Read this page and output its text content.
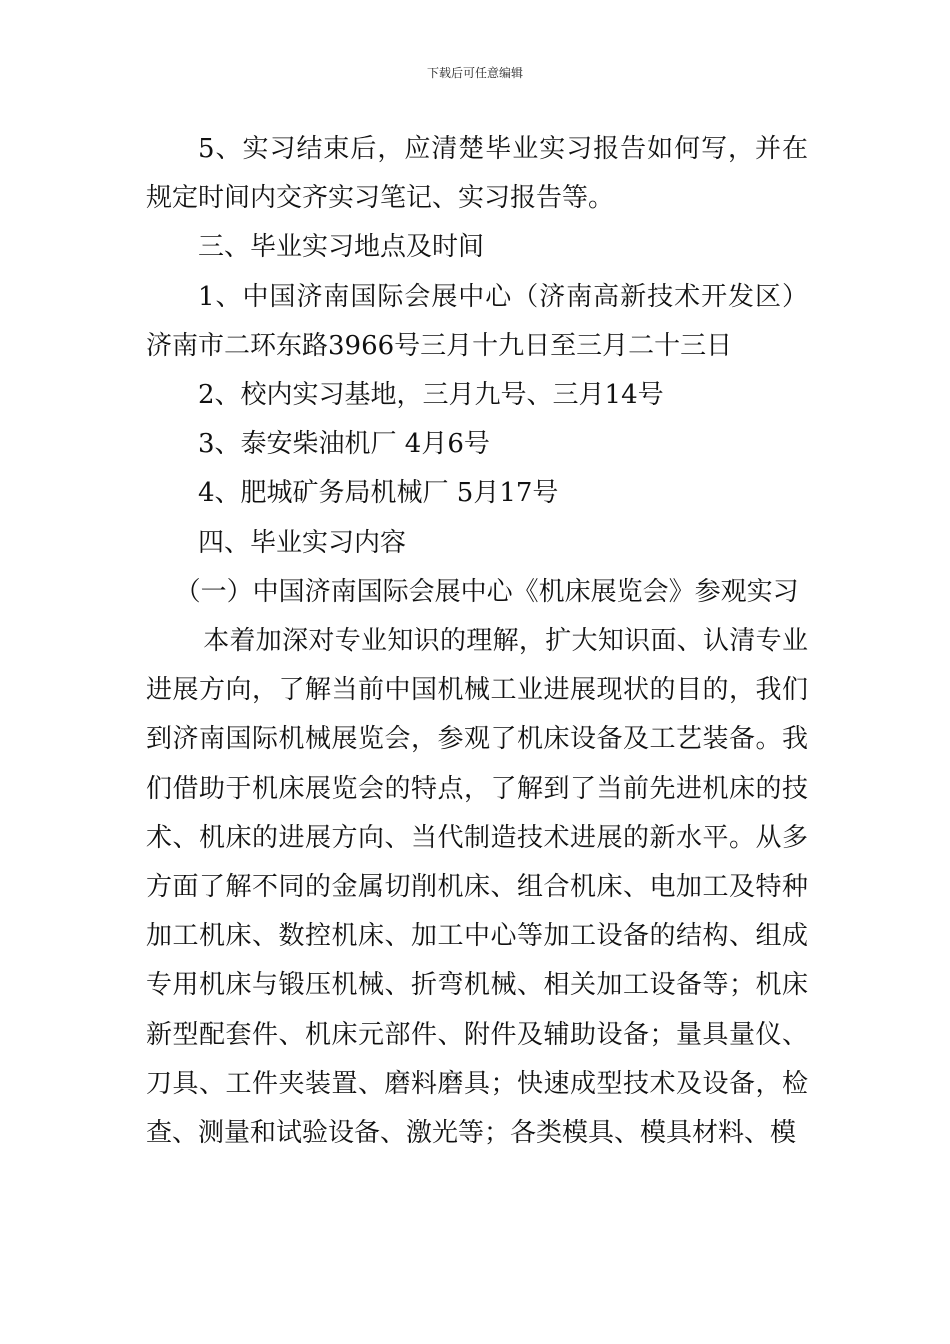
下载后可任意编辑

5、实习结束后，应清楚毕业实习报告如何写，并在规定时间内交齐实习笔记、实习报告等。

三、毕业实习地点及时间

1、中国济南国际会展中心（济南高新技术开发区）济南市二环东路3966号三月十九日至三月二十三日

2、校内实习基地，三月九号、三月14号

3、泰安柴油机厂 4月6号

4、肥城矿务局机械厂 5月17号

四、毕业实习内容

（一）中国济南国际会展中心《机床展览会》参观实习

本着加深对专业知识的理解，扩大知识面、认清专业进展方向，了解当前中国机械工业进展现状的目的，我们到济南国际机械展览会，参观了机床设备及工艺装备。我们借助于机床展览会的特点，了解到了当前先进机床的技术、机床的进展方向、当代制造技术进展的新水平。从多方面了解不同的金属切削机床、组合机床、电加工及特种加工机床、数控机床、加工中心等加工设备的结构、组成专用机床与锻压机械、折弯机械、相关加工设备等；机床新型配套件、机床元部件、附件及辅助设备；量具量仪、刀具、工件夹装置、磨料磨具；快速成型技术及设备，检查、测量和试验设备、激光等；各类模具、模具材料、模
